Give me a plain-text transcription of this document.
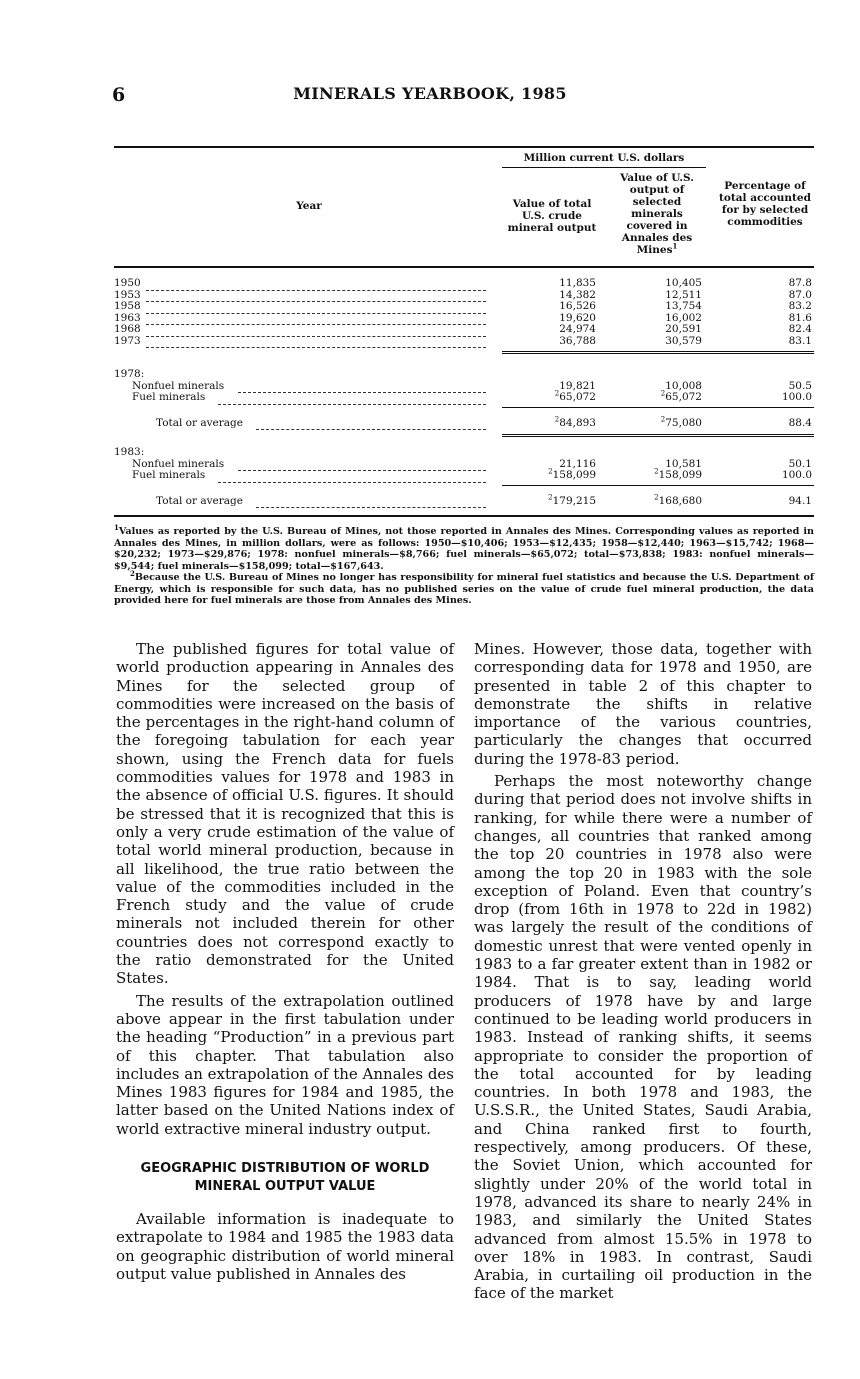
6	MINERALS YEARBOOK, 1985
Million current U.S. dollars
Year	Value of total U.S. crude mineral output
Value of U.S. output of selected minerals covered in Annales des Mines$^1$
Percentage of total accounted for by selected commodities
1950	11,835	10,405	87.8
1953	14,382	12,511	87.0
1958	16,526	13,754	83.2
1963	19,620	16,002	81.6
1968	24,974	20,591	82.4
1973	36,788	30,579	83.1
1978:
Nonfuel minerals	19,821	10,008	50.5
Fuel minerals	$^2$65,072	$^2$65,072	100.0
Total or average	$^2$84,893	$^2$75,080	88.4
1983:
Nonfuel minerals	21,116	10,581	50.1
Fuel minerals	$^2$158,099	$^2$158,099	100.0
Total or average	$^2$179,215	$^2$168,680	94.1

$^1$Values as reported by the U.S. Bureau of Mines, not those reported in Annales des Mines. Corresponding values as reported in Annales des Mines, in million dollars, were as follows: 1950—$10,406; 1953—$12,435; 1958—$12,440; 1963—$15,742; 1968—$20,232; 1973—$29,876; 1978: nonfuel minerals—$8,766; fuel minerals—$65,072; total—$73,838; 1983: nonfuel minerals—$9,544; fuel minerals—$158,099; total—$167,643.

$^2$Because the U.S. Bureau of Mines no longer has responsibility for mineral fuel statistics and because the U.S. Department of Energy, which is responsible for such data, has no published series on the value of crude fuel mineral production, the data provided here for fuel minerals are those from Annales des Mines.

The published figures for total value of world production appearing in Annales des Mines for the selected group of commodities were increased on the basis of the percentages in the right-hand column of the foregoing tabulation for each year shown, using the French data for fuels commodities values for 1978 and 1983 in the absence of official U.S. figures. It should be stressed that it is recognized that this is only a very crude estimation of the value of total world mineral production, because in all likelihood, the true ratio between the value of the commodities included in the French study and the value of crude minerals not included therein for other countries does not correspond exactly to the ratio demonstrated for the United States.

The results of the extrapolation outlined above appear in the first tabulation under the heading “Production” in a previous part of this chapter. That tabulation also includes an extrapolation of the Annales des Mines 1983 figures for 1984 and 1985, the latter based on the United Nations index of world extractive mineral industry output.

GEOGRAPHIC DISTRIBUTION OF WORLD MINERAL OUTPUT VALUE

Available information is inadequate to extrapolate to 1984 and 1985 the 1983 data on geographic distribution of world mineral output value published in Annales des

Mines. However, those data, together with corresponding data for 1978 and 1950, are presented in table 2 of this chapter to demonstrate the shifts in relative importance of the various countries, particularly the changes that occurred during the 1978-83 period.

Perhaps the most noteworthy change during that period does not involve shifts in ranking, for while there were a number of changes, all countries that ranked among the top 20 countries in 1978 also were among the top 20 in 1983 with the sole exception of Poland. Even that country’s drop (from 16th in 1978 to 22d in 1982) was largely the result of the conditions of domestic unrest that were vented openly in 1983 to a far greater extent than in 1982 or 1984. That is to say, leading world producers of 1978 have by and large continued to be leading world producers in 1983. Instead of ranking shifts, it seems appropriate to consider the proportion of the total accounted for by leading countries. In both 1978 and 1983, the U.S.S.R., the United States, Saudi Arabia, and China ranked first to fourth, respectively, among producers. Of these, the Soviet Union, which accounted for slightly under 20% of the world total in 1978, advanced its share to nearly 24% in 1983, and similarly the United States advanced from almost 15.5% in 1978 to over 18% in 1983. In contrast, Saudi Arabia, in curtailing oil production in the face of the market
